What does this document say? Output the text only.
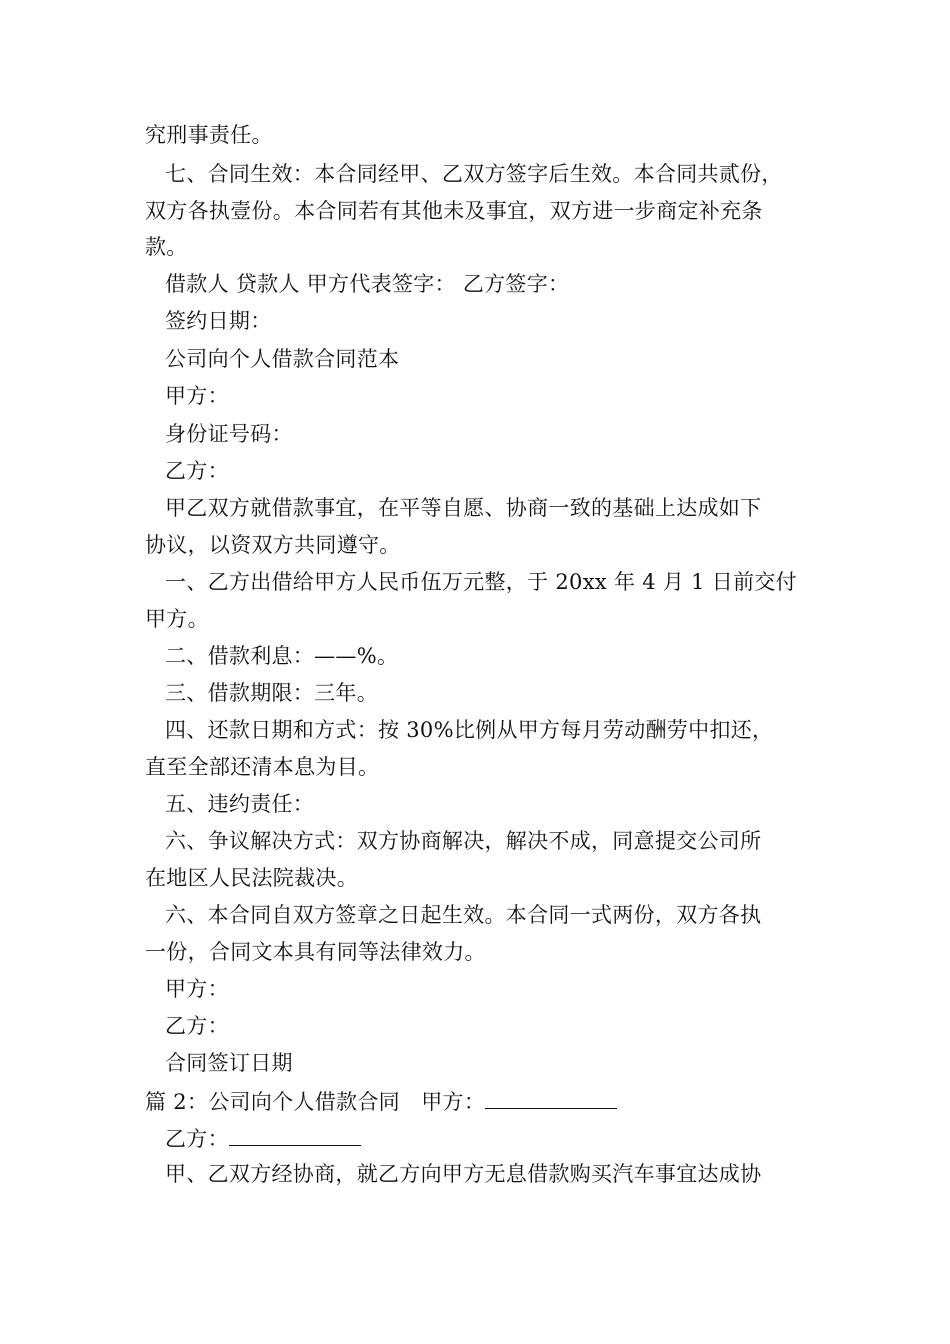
究刑事责任。
七、合同生效：本合同经甲、乙双方签字后生效。本合同共贰份，
双方各执壹份。本合同若有其他未及事宜，双方进一步商定补充条
款。
借款人 贷款人 甲方代表签字： 乙方签字：
签约日期：
公司向个人借款合同范本
甲方：
身份证号码：
乙方：
甲乙双方就借款事宜，在平等自愿、协商一致的基础上达成如下
协议，以资双方共同遵守。
一、乙方出借给甲方人民币伍万元整，于 20xx 年 4 月 1 日前交付
甲方。
二、借款利息：——%。
三、借款期限：三年。
四、还款日期和方式：按 30%比例从甲方每月劳动酬劳中扣还，
直至全部还清本息为目。
五、违约责任：
六、争议解决方式：双方协商解决，解决不成，同意提交公司所
在地区人民法院裁决。
六、本合同自双方签章之日起生效。本合同一式两份，双方各执
一份，合同文本具有同等法律效力。
甲方：
乙方：
合同签订日期
篇 2：公司向个人借款合同　甲方：
乙方：
甲、乙双方经协商，就乙方向甲方无息借款购买汽车事宜达成协
